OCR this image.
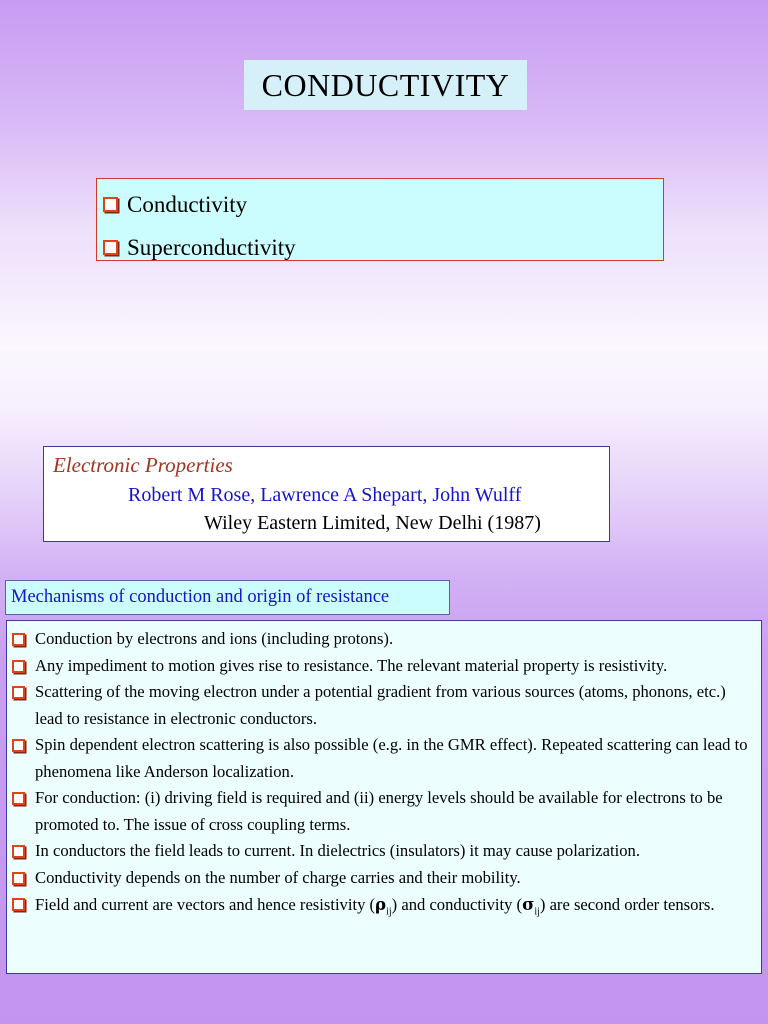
CONDUCTIVITY
Conductivity
Superconductivity
Electronic Properties
Robert M Rose, Lawrence A Shepart, John Wulff
Wiley Eastern Limited, New Delhi (1987)
Mechanisms of conduction and origin of resistance
Conduction by electrons and ions (including protons).
Any impediment to motion gives rise to resistance. The relevant material property is resistivity.
Scattering of the moving electron under a potential gradient from various sources (atoms, phonons, etc.) lead to resistance in electronic conductors.
Spin dependent electron scattering is also possible (e.g. in the GMR effect). Repeated scattering can lead to phenomena like Anderson localization.
For conduction: (i) driving field is required and (ii) energy levels should be available for electrons to be promoted to. The issue of cross coupling terms.
In conductors the field leads to current. In dielectrics (insulators) it may cause polarization.
Conductivity depends on the number of charge carries and their mobility.
Field and current are vectors and hence resistivity $(\rho_{ij})$ and conductivity $(\sigma_{ij})$ are second order tensors.
